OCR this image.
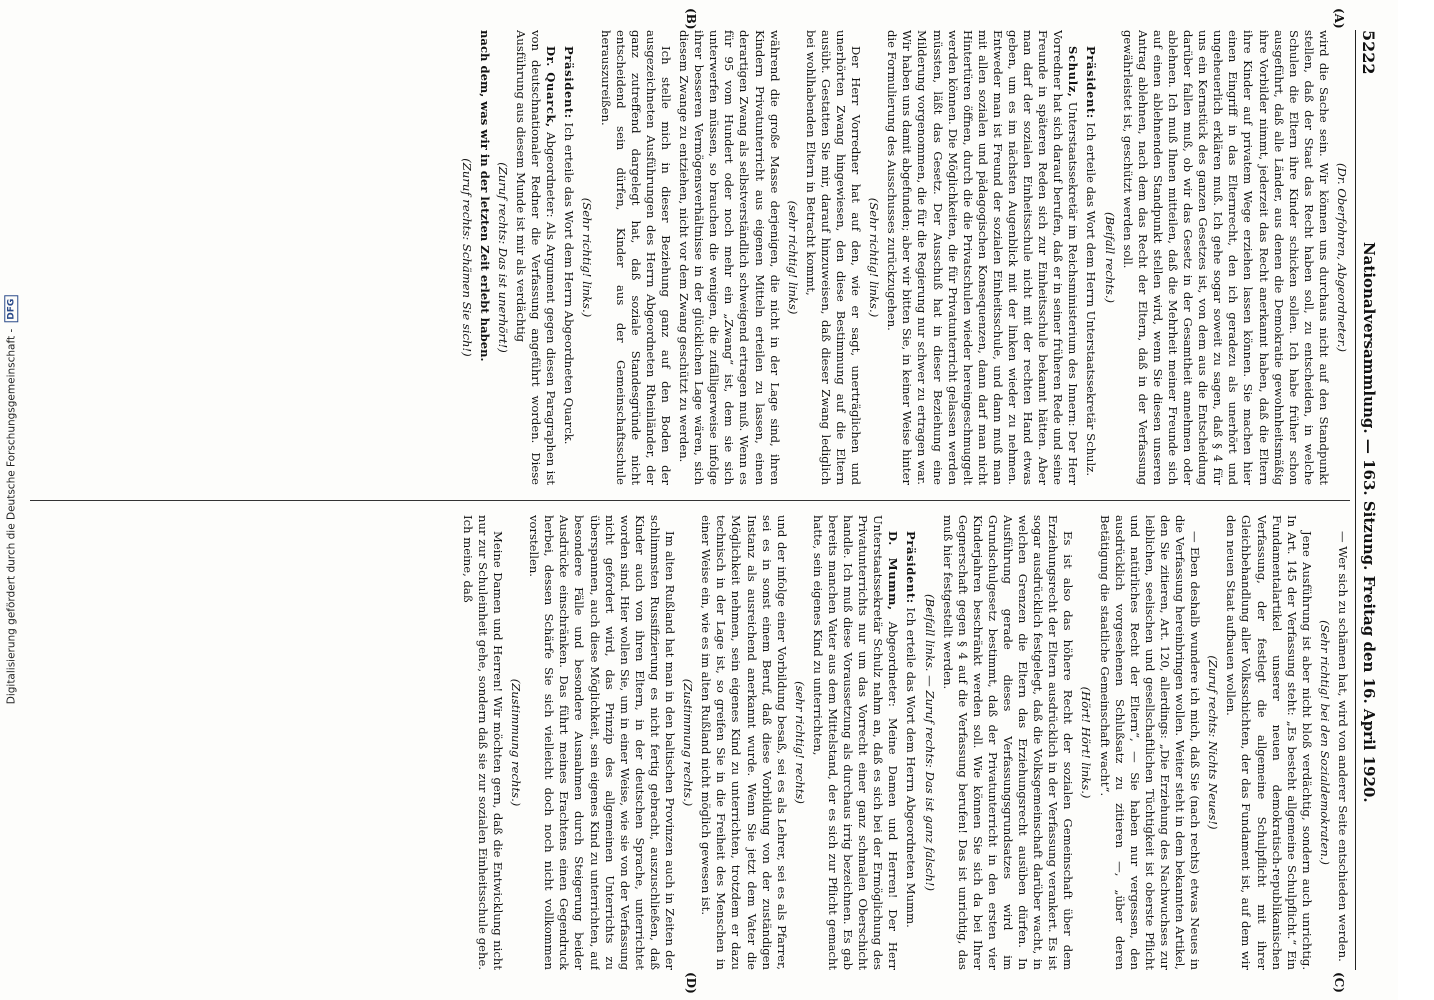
5222
Nationalversammlung. — 163. Sitzung. Freitag den 16. April 1920.
(A)
(B)
(C)
(D)

(Dr. Oberfohren, Abgeordneter.)

wird die Sache sein. Wir können uns durchaus nicht auf den Standpunkt stellen, daß der Staat das Recht haben soll, zu entscheiden, in welche Schulen die Eltern ihre Kinder schicken sollen. Ich habe früher schon ausgeführt, daß alle Länder, aus denen die Demokratie gewohnheitsmäßig ihre Vorbilder nimmt, jederzeit das Recht anerkannt haben, daß die Eltern ihre Kinder auf privatem Wege erziehen lassen können. Sie machen hier einen Eingriff in das Elternrecht, den ich geradezu als unerhört und ungeheuerlich erklären muß. Ich gehe sogar soweit zu sagen, daß § 4 für uns ein Kernstück des ganzen Gesetzes ist, von dem aus die Entscheidung darüber fallen muß, ob wir das Gesetz in der Gesamtheit annehmen oder ablehnen. Ich muß Ihnen mitteilen, daß die Mehrheit meiner Freunde sich auf einen ablehnenden Standpunkt stellen wird, wenn Sie diesen unseren Antrag ablehnen, nach dem das Recht der Eltern, daß in der Verfassung gewährleistet ist, geschützt werden soll.

(Beifall rechts.)

Präsident: Ich erteile das Wort dem Herrn Unterstaatssekretär Schulz.

Schulz, Unterstaatssekretär im Reichsministerium des Innern: Der Herr Vorredner hat sich darauf berufen, daß er in seiner früheren Rede und seine Freunde in späteren Reden sich zur Einheitsschule bekannt hätten. Aber man darf der sozialen Einheitsschule nicht mit der rechten Hand etwas geben, um es im nächsten Augenblick mit der linken wieder zu nehmen. Entweder man ist Freund der sozialen Einheitsschule, und dann muß man mit allen sozialen und pädagogischen Konsequenzen, dann darf man nicht Hintertüren öffnen, durch die die Privatschulen wieder hereingeschmuggelt werden können. Die Möglichkeiten, die für Privatunterricht gelassen werden müssten, läßt das Gesetz. Der Ausschuß hat in dieser Beziehung eine Milderung vorgenommen, die für die Regierung nur schwer zu ertragen war. Wir haben uns damit abgefunden; aber wir bitten Sie, in keiner Weise hinter die Formulierung des Ausschusses zurückzugehen.

(Sehr richtig! links.)

Der Herr Vorredner hat auf den, wie er sagt, unerträglichen und unerhörten Zwang hingewiesen, den diese Bestimmung auf die Eltern ausübt. Gestatten Sie mir, darauf hinzuweisen, daß dieser Zwang lediglich bei wohlhabenden Eltern in Betracht kommt,

(sehr richtig! links)

während die große Masse derjenigen, die nicht in der Lage sind, ihren Kindern Privatunterricht aus eigenen Mitteln erteilen zu lassen, einen derartigen Zwang als selbstverständlich schweigend ertragen muß. Wenn es für 95 vom Hundert oder noch mehr ein „Zwang“ ist, dem sie sich unterwerfen müssen, so brauchen die wenigen, die zufälligerweise infolge ihrer besseren Vermögensverhältnisse in der glücklichen Lage wären, sich diesem Zwange zu entziehen, nicht vor dem Zwang geschützt zu werden.

Ich stelle mich in dieser Beziehung ganz auf den Boden der ausgezeichneten Ausführungen des Herrn Abgeordneten Rheinländer, der ganz zutreffend dargelegt hat, daß soziale Standesgründe nicht entscheidend sein dürfen, Kinder aus der Gemeinschaftsschule herauszureißen.

(Sehr richtig! links.)

Präsident: Ich erteile das Wort dem Herrn Abgeordneten Quarck.

Dr. Quarck, Abgeordneter: Als Argument gegen diesen Paragraphen ist von deutschnationaler Redner die Verfassung angeführt worden. Diese Ausführung aus diesem Munde ist mir als verdächtig

(Zuruf rechts: Das ist unerhört!)

nach dem, was wir in der letzten Zeit erlebt haben.

(Zuruf rechts: Schämen Sie sich!)

— Wer sich zu schämen hat, wird von anderer Seite entschieden werden.

(Sehr richtig! bei den Sozialdemokraten.)

Jene Ausführung ist aber nicht bloß verdächtig, sondern auch unrichtig. In Art. 145 der Verfassung steht: „Es besteht allgemeine Schulpflicht.“ Ein Fundamentalartikel unserer neuen demokratisch-republikanischen Verfassung, der festlegt die allgemeine Schulpflicht mit ihrer Gleichbehandlung aller Volksschichten, der das Fundament ist, auf dem wir den neuen Staat aufbauen wollen.

(Zuruf rechts: Nichts Neues!)

— Eben deshalb wundere ich mich, daß Sie (nach rechts) etwas Neues in die Verfassung hereinbringen wollen. Weiter steht in dem bekannten Artikel, den Sie zitieren, Art. 120, allerdings: „Die Erziehung des Nachwuchses zur leiblichen, seelischen und gesellschaftlichen Tüchtigkeit ist oberste Pflicht und natürliches Recht der Eltern“, — Sie haben nur vergessen, den ausdrücklich vorgesehenen Schlußsatz zu zitieren —, „über deren Betätigung die staatliche Gemeinschaft wacht“.

(Hört! Hört! links.)

Es ist also das höhere Recht der sozialen Gemeinschaft über dem Erziehungsrecht der Eltern ausdrücklich in der Verfassung verankert. Es ist sogar ausdrücklich festgelegt, daß die Volksgemeinschaft darüber wacht, in welchen Grenzen die Eltern das Erziehungsrecht ausüben dürfen. In Ausführung gerade dieses Verfassungsgrundsatzes wird im Grundschulgesetz bestimmt, daß der Privatunterricht in den ersten vier Kinderjahren beschränkt werden soll. Wie können Sie sich da bei Ihrer Gegnerschaft gegen § 4 auf die Verfassung berufen! Das ist unrichtig, das muß hier festgestellt werden.

(Beifall links. — Zuruf rechts: Das ist ganz falsch!)

Präsident: Ich erteile das Wort dem Herrn Abgeordneten Mumm.

D. Mumm, Abgeordneter: Meine Damen und Herren! Der Herr Unterstaatssekretär Schulz nahm an, daß es sich bei der Ermöglichung des Privatunterrichts nur um das Vorrecht einer ganz schmalen Oberschicht handle. Ich muß diese Voraussetzung als durchaus irrig bezeichnen. Es gab bereits manchen Vater aus dem Mittelstand, der es sich zur Pflicht gemacht hatte, sein eigenes Kind zu unterrichten,

(sehr richtig! rechts)

und der infolge einer Vorbildung besaß, sei es als Lehrer, sei es als Pfarrer, sei es in sonst einem Beruf, daß diese Vorbildung von der zuständigen Instanz als ausreichend anerkannt wurde. Wenn Sie jetzt dem Vater die Möglichkeit nehmen, sein eigenes Kind zu unterrichten, trotzdem er dazu technisch in der Lage ist, so greifen Sie in die Freiheit des Menschen in einer Weise ein, wie es im alten Rußland nicht möglich gewesen ist.

(Zustimmung rechts.)

Im alten Rußland hat man in den baltischen Provinzen auch in Zeiten der schlimmsten Russifizierung es nicht fertig gebracht, auszuschließen, daß Kinder auch von ihren Eltern, in der deutschen Sprache, unterrichtet worden sind. Hier wollen Sie, um in einer Weise, wie sie von der Verfassung nicht gefordert wird, das Prinzip des allgemeinen Unterrichts zu überspannen, auch diese Möglichkeit, sein eigenes Kind zu unterrichten, auf besondere Fälle und besondere Ausnahmen durch Steigerung beider Ausdrücke einschränken. Das führt meines Erachtens einen Gegendruck herbei, dessen Schärfe Sie sich vielleicht doch noch nicht vollkommen vorstellen.

(Zustimmung rechts.)

Meine Damen und Herren! Wir möchten gern, daß die Entwicklung nicht nur zur Schuleinheit gehe, sondern daß sie zur sozialen Einheitsschule gehe. Ich meine, daß

Digitalisierung gefördert durch die Deutsche Forschungsgemeinschaft -
DFG
